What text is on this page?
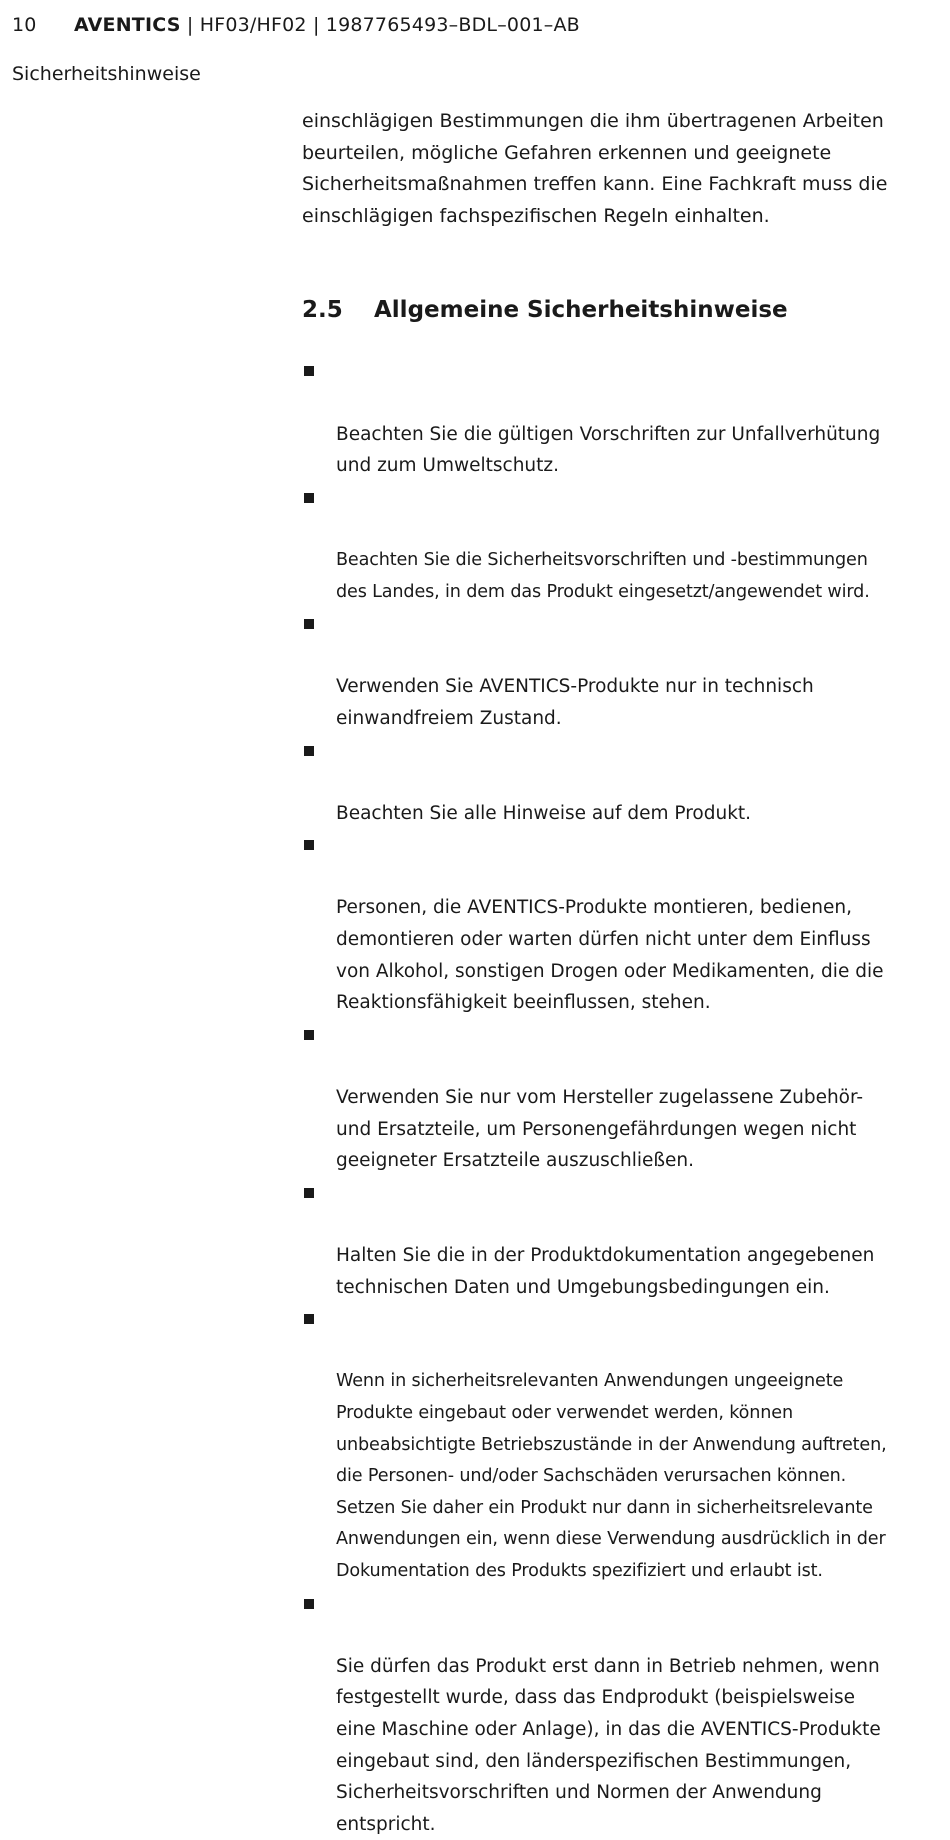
10 AVENTICS | HF03/HF02 | 1987765493–BDL–001–AB
Sicherheitshinweise

einschlägigen Bestimmungen die ihm übertragenen Arbeiten
beurteilen, mögliche Gefahren erkennen und geeignete
Sicherheitsmaßnahmen treffen kann. Eine Fachkraft muss die
einschlägigen fachspezifischen Regeln einhalten.

2.5 Allgemeine Sicherheitshinweise

Beachten Sie die gültigen Vorschriften zur Unfallverhütung
und zum Umweltschutz.

Beachten Sie die Sicherheitsvorschriften und -bestimmungen
des Landes, in dem das Produkt eingesetzt/angewendet wird.

Verwenden Sie AVENTICS-Produkte nur in technisch
einwandfreiem Zustand.

Beachten Sie alle Hinweise auf dem Produkt.

Personen, die AVENTICS-Produkte montieren, bedienen,
demontieren oder warten dürfen nicht unter dem Einfluss
von Alkohol, sonstigen Drogen oder Medikamenten, die die
Reaktionsfähigkeit beeinflussen, stehen.

Verwenden Sie nur vom Hersteller zugelassene Zubehör-
und Ersatzteile, um Personengefährdungen wegen nicht
geeigneter Ersatzteile auszuschließen.

Halten Sie die in der Produktdokumentation angegebenen
technischen Daten und Umgebungsbedingungen ein.

Wenn in sicherheitsrelevanten Anwendungen ungeeignete
Produkte eingebaut oder verwendet werden, können
unbeabsichtigte Betriebszustände in der Anwendung auftreten,
die Personen- und/oder Sachschäden verursachen können.
Setzen Sie daher ein Produkt nur dann in sicherheitsrelevante
Anwendungen ein, wenn diese Verwendung ausdrücklich in der
Dokumentation des Produkts spezifiziert und erlaubt ist.

Sie dürfen das Produkt erst dann in Betrieb nehmen, wenn
festgestellt wurde, dass das Endprodukt (beispielsweise
eine Maschine oder Anlage), in das die AVENTICS-Produkte
eingebaut sind, den länderspezifischen Bestimmungen,
Sicherheitsvorschriften und Normen der Anwendung
entspricht.
